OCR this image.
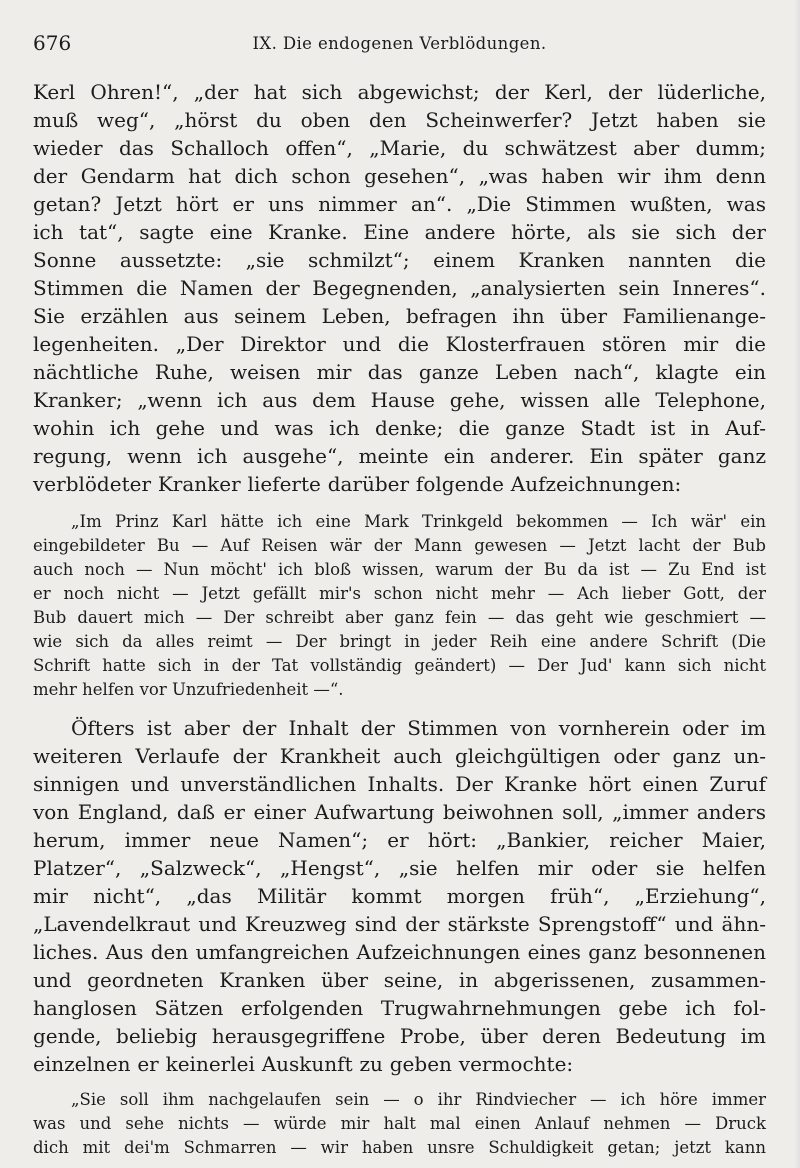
676	IX. Die endogenen Verblödungen.
Kerl Ohren!“, „der hat sich abgewichst; der Kerl, der lüderliche,
muß weg“, „hörst du oben den Scheinwerfer? Jetzt haben sie
wieder das Schalloch offen“, „Marie, du schwätzest aber dumm;
der Gendarm hat dich schon gesehen“, „was haben wir ihm denn
getan? Jetzt hört er uns nimmer an“. „Die Stimmen wußten, was
ich tat“, sagte eine Kranke. Eine andere hörte, als sie sich der
Sonne aussetzte: „sie schmilzt“; einem Kranken nannten die
Stimmen die Namen der Begegnenden, „analysierten sein Inneres“.
Sie erzählen aus seinem Leben, befragen ihn über Familienange-
legenheiten. „Der Direktor und die Klosterfrauen stören mir die
nächtliche Ruhe, weisen mir das ganze Leben nach“, klagte ein
Kranker; „wenn ich aus dem Hause gehe, wissen alle Telephone,
wohin ich gehe und was ich denke; die ganze Stadt ist in Auf-
regung, wenn ich ausgehe“, meinte ein anderer. Ein später ganz
verblödeter Kranker lieferte darüber folgende Aufzeichnungen:
„Im Prinz Karl hätte ich eine Mark Trinkgeld bekommen — Ich wär' ein
eingebildeter Bu — Auf Reisen wär der Mann gewesen — Jetzt lacht der Bub
auch noch — Nun möcht' ich bloß wissen, warum der Bu da ist — Zu End ist
er noch nicht — Jetzt gefällt mir's schon nicht mehr — Ach lieber Gott, der
Bub dauert mich — Der schreibt aber ganz fein — das geht wie geschmiert —
wie sich da alles reimt — Der bringt in jeder Reih eine andere Schrift (Die
Schrift hatte sich in der Tat vollständig geändert) — Der Jud' kann sich nicht
mehr helfen vor Unzufriedenheit —“.
Öfters ist aber der Inhalt der Stimmen von vornherein oder im
weiteren Verlaufe der Krankheit auch gleichgültigen oder ganz un-
sinnigen und unverständlichen Inhalts. Der Kranke hört einen Zuruf
von England, daß er einer Aufwartung beiwohnen soll, „immer anders
herum, immer neue Namen“; er hört: „Bankier, reicher Maier,
Platzer“, „Salzweck“, „Hengst“, „sie helfen mir oder sie helfen
mir nicht“, „das Militär kommt morgen früh“, „Erziehung“,
„Lavendelkraut und Kreuzweg sind der stärkste Sprengstoff“ und ähn-
liches. Aus den umfangreichen Aufzeichnungen eines ganz besonnenen
und geordneten Kranken über seine, in abgerissenen, zusammen-
hanglosen Sätzen erfolgenden Trugwahrnehmungen gebe ich fol-
gende, beliebig herausgegriffene Probe, über deren Bedeutung im
einzelnen er keinerlei Auskunft zu geben vermochte:
„Sie soll ihm nachgelaufen sein — o ihr Rindviecher — ich höre immer
was und sehe nichts — würde mir halt mal einen Anlauf nehmen — Druck
dich mit dei'm Schmarren — wir haben unsre Schuldigkeit getan; jetzt kann
